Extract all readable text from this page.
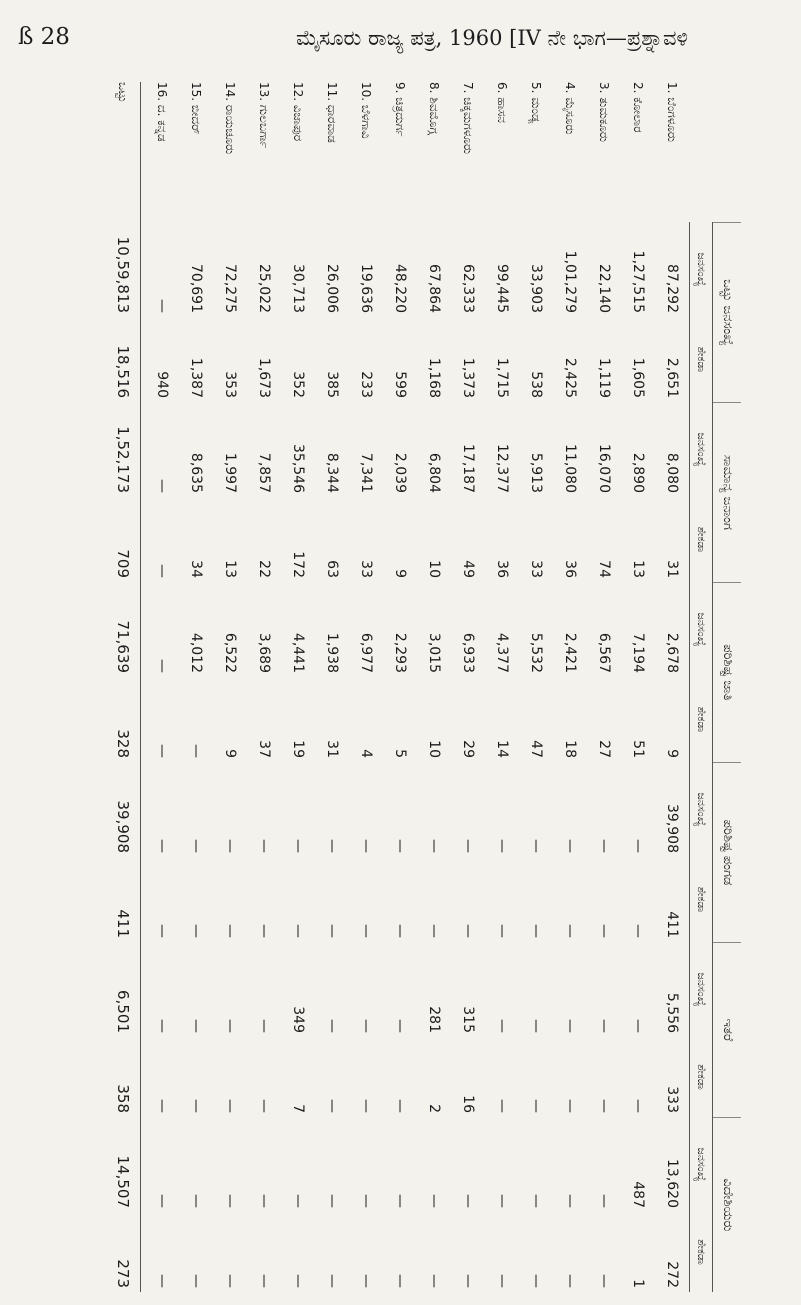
ß 28	ಮೈಸೂರು ರಾಜ್ಯ ಪತ್ರ, 1960 [IV ನೇ ಭಾಗ—ಪ್ರಶ್ನಾವಳಿ
ಒಟ್ಟು ಜನಸಂಖ್ಯೆ
ಸಾಮಾನ್ಯ ಜನಾಂಗ
ಪರಿಶಿಷ್ಟ ಜಾತಿ
ಪರಿಶಿಷ್ಟ ಪಂಗಡ
ಇತರೆ
ವಿದೇಶಿಯರು
ಜನಸಂಖ್ಯೆ
ಶೇಕಡಾ
ಜನಸಂಖ್ಯೆ
ಶೇಕಡಾ
ಜನಸಂಖ್ಯೆ
ಶೇಕಡಾ
ಜನಸಂಖ್ಯೆ
ಶೇಕಡಾ
ಜನಸಂಖ್ಯೆ
ಶೇಕಡಾ
ಜನಸಂಖ್ಯೆ
ಶೇಕಡಾ
1. ಬೆಂಗಳೂರು
87,292
2,651
8,080
31
2,678
9
39,908
411
5,556
333
13,620
272
2. ಕೋಲಾರ
1,27,515
1,605
2,890
13
7,194
51
—
—
—
—
487
1
3. ತುಮಕೂರು
22,140
1,119
16,070
74
6,567
27
—
—
—
—
—
—
4. ಮೈಸೂರು
1,01,279
2,425
11,080
36
2,421
18
—
—
—
—
—
—
5. ಮಂಡ್ಯ
33,903
538
5,913
33
5,532
47
—
—
—
—
—
—
6. ಹಾಸನ
99,445
1,715
12,377
36
4,377
14
—
—
—
—
—
—
7. ಚಿಕ್ಕಮಗಳೂರು
62,333
1,373
17,187
49
6,933
29
—
—
315
16
—
—
8. ಶಿವಮೊಗ್ಗ
67,864
1,168
6,804
10
3,015
10
—
—
281
2
—
—
9. ಚಿತ್ರದುರ್ಗ
48,220
599
2,039
9
2,293
5
—
—
—
—
—
—
10. ಬೆಳಗಾವಿ
19,636
233
7,341
33
6,977
4
—
—
—
—
—
—
11. ಧಾರವಾಡ
26,006
385
8,344
63
1,938
31
—
—
—
—
—
—
12. ವಿಜಾಪುರ
30,713
352
35,546
172
4,441
19
—
—
349
7
—
—
13. ಗುಲಬರ್ಗಾ
25,022
1,673
7,857
22
3,689
37
—
—
—
—
—
—
14. ರಾಯಚೂರು
72,275
353
1,997
13
6,522
9
—
—
—
—
—
—
15. ಬೀದರ್
70,691
1,387
8,635
34
4,012
—
—
—
—
—
—
—
16. ದ. ಕನ್ನಡ
—
940
—
—
—
—
—
—
—
—
—
—
ಒಟ್ಟು
10,59,813
18,516
1,52,173
709
71,639
328
39,908
411
6,501
358
14,507
273
